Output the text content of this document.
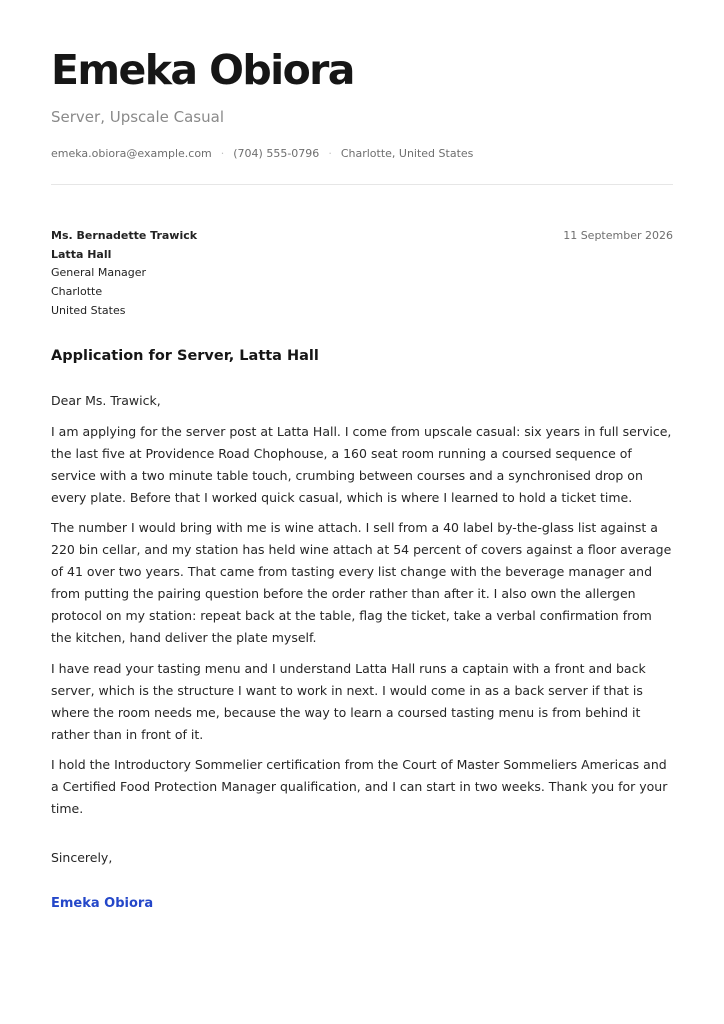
Emeka Obiora
Server, Upscale Casual
emeka.obiora@example.com · (704) 555-0796 · Charlotte, United States
Ms. Bernadette Trawick
Latta Hall
General Manager
Charlotte
United States
11 September 2026
Application for Server, Latta Hall

Dear Ms. Trawick,

I am applying for the server post at Latta Hall. I come from upscale casual: six years in full service, the last five at Providence Road Chophouse, a 160 seat room running a coursed sequence of service with a two minute table touch, crumbing between courses and a synchronised drop on every plate. Before that I worked quick casual, which is where I learned to hold a ticket time.

The number I would bring with me is wine attach. I sell from a 40 label by-the-glass list against a 220 bin cellar, and my station has held wine attach at 54 percent of covers against a floor average of 41 over two years. That came from tasting every list change with the beverage manager and from putting the pairing question before the order rather than after it. I also own the allergen protocol on my station: repeat back at the table, flag the ticket, take a verbal confirmation from the kitchen, hand deliver the plate myself.

I have read your tasting menu and I understand Latta Hall runs a captain with a front and back server, which is the structure I want to work in next. I would come in as a back server if that is where the room needs me, because the way to learn a coursed tasting menu is from behind it rather than in front of it.

I hold the Introductory Sommelier certification from the Court of Master Sommeliers Americas and a Certified Food Protection Manager qualification, and I can start in two weeks. Thank you for your time.

Sincerely,
Emeka Obiora
